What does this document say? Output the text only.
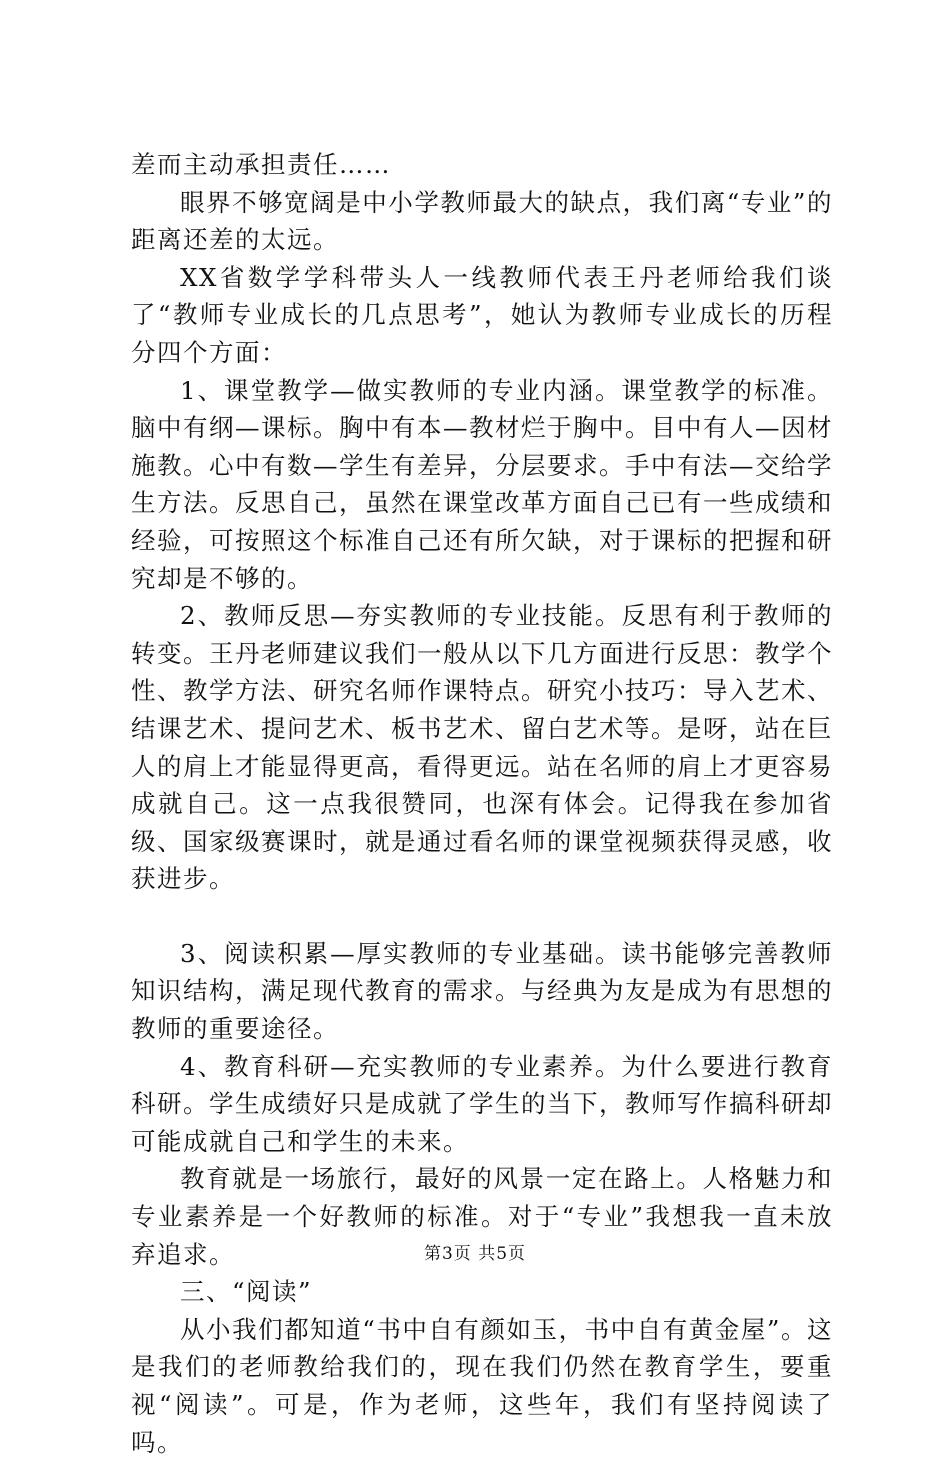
差而主动承担责任……

眼界不够宽阔是中小学教师最大的缺点，我们离“专业”的距离还差的太远。

XX省数学学科带头人一线教师代表王丹老师给我们谈了“教师专业成长的几点思考”，她认为教师专业成长的历程分四个方面：

1、课堂教学—做实教师的专业内涵。课堂教学的标准。脑中有纲—课标。胸中有本—教材烂于胸中。目中有人—因材施教。心中有数—学生有差异，分层要求。手中有法—交给学生方法。反思自己，虽然在课堂改革方面自己已有一些成绩和经验，可按照这个标准自己还有所欠缺，对于课标的把握和研究却是不够的。

2、教师反思—夯实教师的专业技能。反思有利于教师的转变。王丹老师建议我们一般从以下几方面进行反思：教学个性、教学方法、研究名师作课特点。研究小技巧：导入艺术、结课艺术、提问艺术、板书艺术、留白艺术等。是呀，站在巨人的肩上才能显得更高，看得更远。站在名师的肩上才更容易成就自己。这一点我很赞同，也深有体会。记得我在参加省级、国家级赛课时，就是通过看名师的课堂视频获得灵感，收获进步。

3、阅读积累—厚实教师的专业基础。读书能够完善教师知识结构，满足现代教育的需求。与经典为友是成为有思想的教师的重要途径。

4、教育科研—充实教师的专业素养。为什么要进行教育科研。学生成绩好只是成就了学生的当下，教师写作搞科研却可能成就自己和学生的未来。

教育就是一场旅行，最好的风景一定在路上。人格魅力和专业素养是一个好教师的标准。对于“专业”我想我一直未放弃追求。

三、“阅读”

从小我们都知道“书中自有颜如玉，书中自有黄金屋”。这是我们的老师教给我们的，现在我们仍然在教育学生，要重视“阅读”。可是，作为老师，这些年，我们有坚持阅读了吗。

第3页 共5页
